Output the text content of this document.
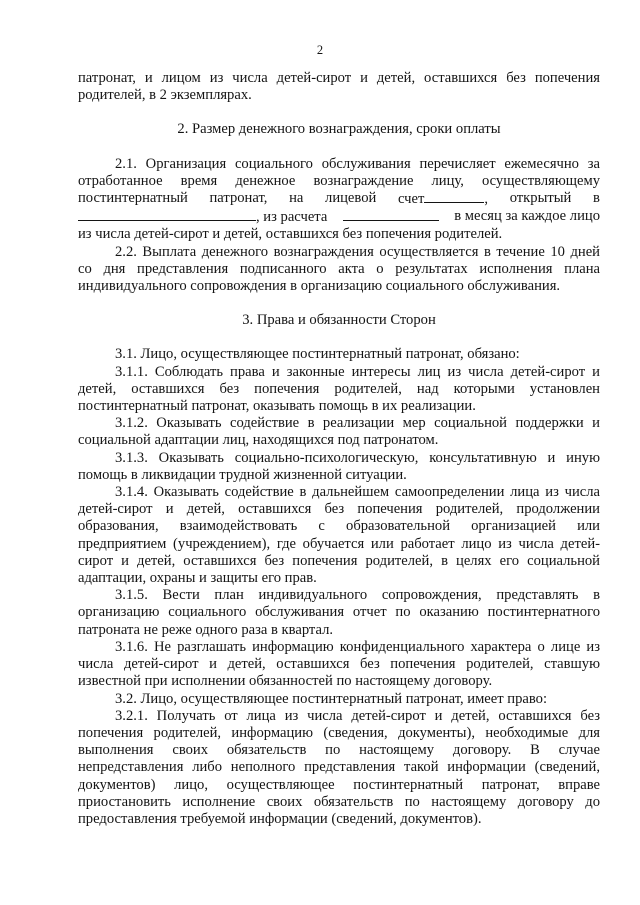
2

патронат, и лицом из числа детей-сирот и детей, оставшихся без попечения

родителей, в 2 экземплярах.

2. Размер денежного вознаграждения, сроки оплаты

2.1. Организация социального обслуживания перечисляет ежемесячно за

отработанное время денежное вознаграждение лицу, осуществляющему

постинтернатный патронат, на лицевой счет	, открытый в
, из расчета	в месяц за каждое лицо

из числа детей-сирот и детей, оставшихся без попечения родителей.

2.2. Выплата денежного вознаграждения осуществляется в течение 10 дней со дня представления подписанного акта о результатах исполнения плана индивидуального сопровождения в организацию социального обслуживания.

3. Права и обязанности Сторон

3.1. Лицо, осуществляющее постинтернатный патронат, обязано:

3.1.1. Соблюдать права и законные интересы лиц из числа детей-сирот и детей, оставшихся без попечения родителей, над которыми установлен постинтернатный патронат, оказывать помощь в их реализации.

3.1.2. Оказывать содействие в реализации мер социальной поддержки и социальной адаптации лиц, находящихся под патронатом.

3.1.3. Оказывать социально-психологическую, консультативную и иную помощь в ликвидации трудной жизненной ситуации.

3.1.4. Оказывать содействие в дальнейшем самоопределении лица из числа детей-сирот и детей, оставшихся без попечения родителей, продолжении образования, взаимодействовать с образовательной организацией или предприятием (учреждением), где обучается или работает лицо из числа детей-сирот и детей, оставшихся без попечения родителей, в целях его социальной адаптации, охраны и защиты его прав.

3.1.5. Вести план индивидуального сопровождения, представлять в организацию социального обслуживания отчет по оказанию постинтернатного патроната не реже одного раза в квартал.

3.1.6. Не разглашать информацию конфиденциального характера о лице из числа детей-сирот и детей, оставшихся без попечения родителей, ставшую известной при исполнении обязанностей по настоящему договору.

3.2. Лицо, осуществляющее постинтернатный патронат, имеет право:

3.2.1. Получать от лица из числа детей-сирот и детей, оставшихся без попечения родителей, информацию (сведения, документы), необходимые для выполнения своих обязательств по настоящему договору. В случае непредставления либо неполного представления такой информации (сведений, документов) лицо, осуществляющее постинтернатный патронат, вправе приостановить исполнение своих обязательств по настоящему договору до предоставления требуемой информации (сведений, документов).
